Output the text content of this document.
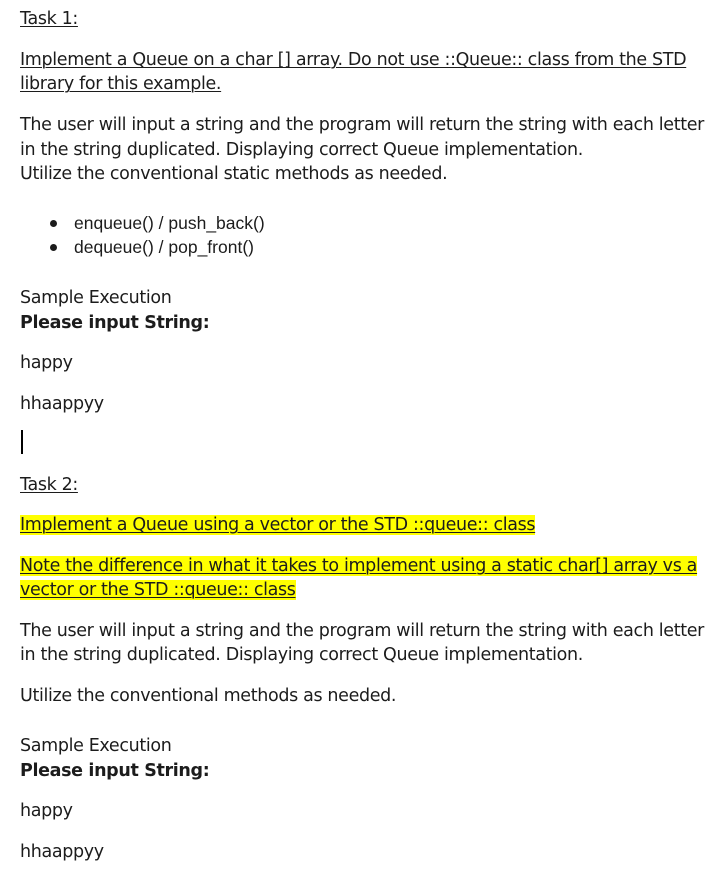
Task 1:
Implement a Queue on a char [] array. Do not use ::Queue:: class from the STD
library for this example.
The user will input a string and the program will return the string with each letter
in the string duplicated. Displaying correct Queue implementation.
Utilize the conventional static methods as needed.
enqueue() / push_back()
dequeue() / pop_front()
Sample Execution
Please input String:
happy
hhaappyy
Task 2:
Implement a Queue using a vector or the STD ::queue:: class
Note the difference in what it takes to implement using a static char[] array vs a
vector or the STD ::queue:: class
The user will input a string and the program will return the string with each letter
in the string duplicated. Displaying correct Queue implementation.
Utilize the conventional methods as needed.
Sample Execution
Please input String:
happy
hhaappyy
